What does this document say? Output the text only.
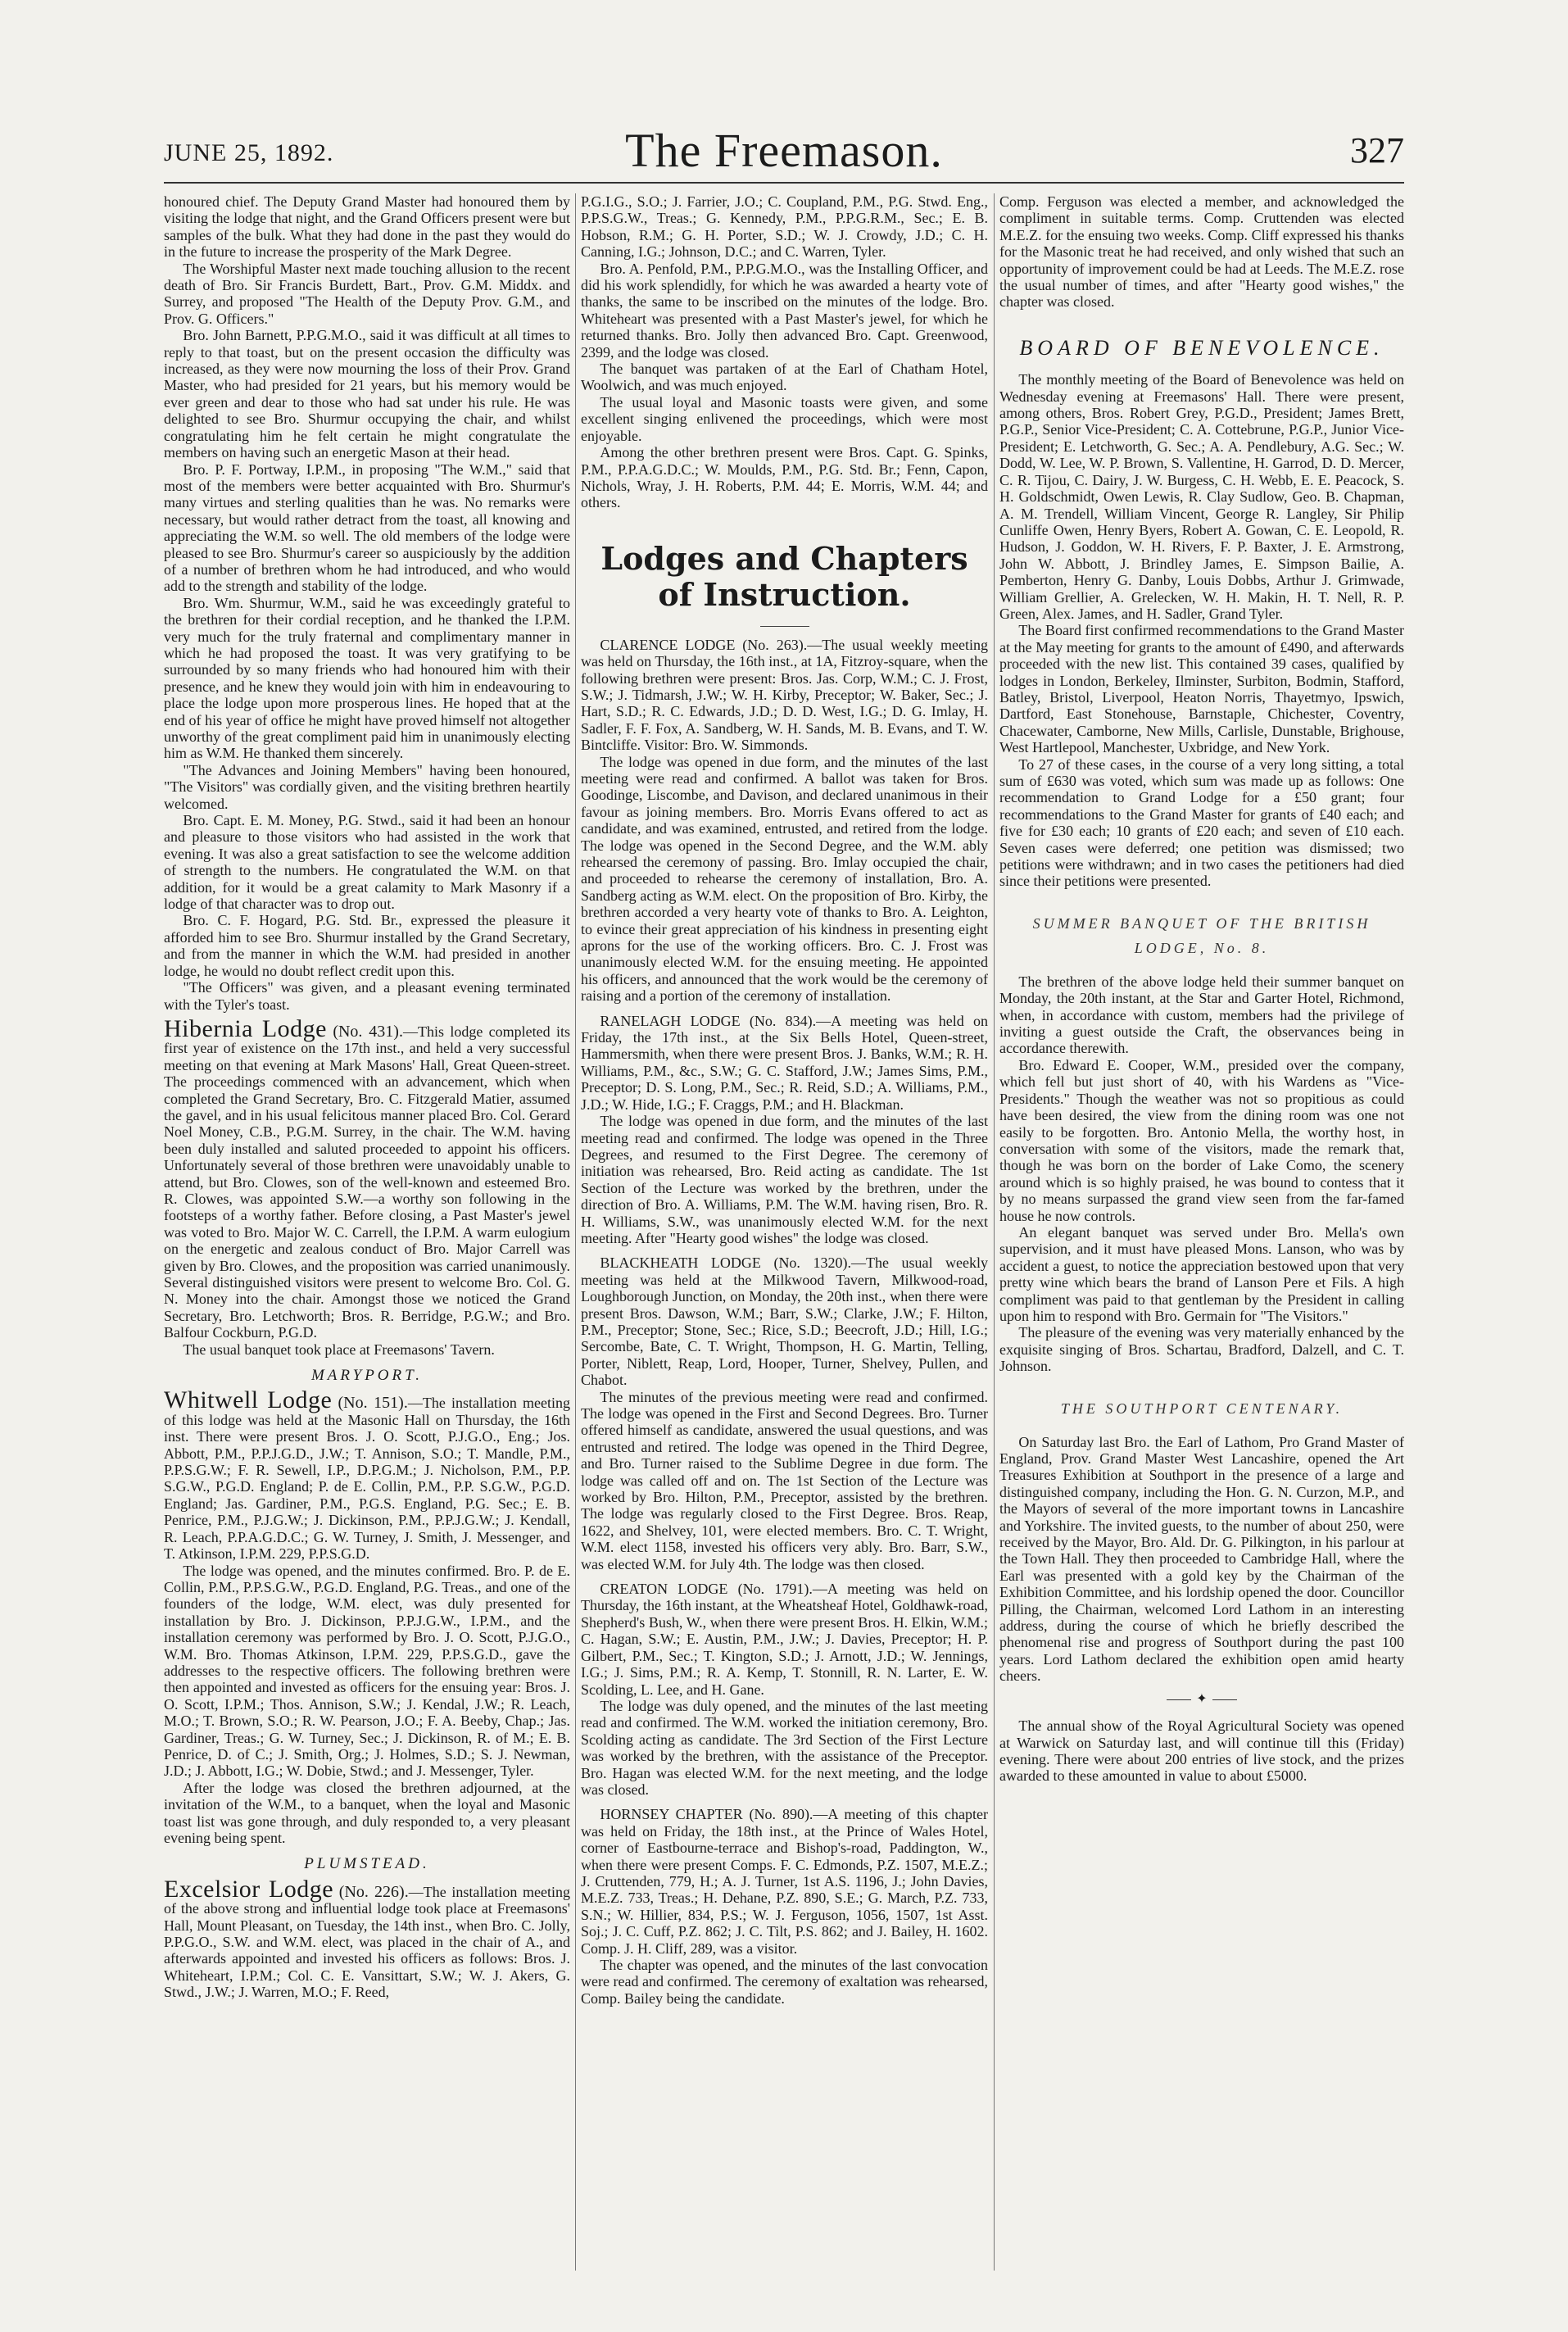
JUNE 25, 1892.	The Freemason.	327

honoured chief. The Deputy Grand Master had honoured them by visiting the lodge that night, and the Grand Officers present were but samples of the bulk. What they had done in the past they would do in the future to increase the prosperity of the Mark Degree.

The Worshipful Master next made touching allusion to the recent death of Bro. Sir Francis Burdett, Bart., Prov. G.M. Middx. and Surrey, and proposed "The Health of the Deputy Prov. G.M., and Prov. G. Officers."

Bro. John Barnett, P.P.G.M.O., said it was difficult at all times to reply to that toast, but on the present occasion the difficulty was increased, as they were now mourning the loss of their Prov. Grand Master, who had presided for 21 years, but his memory would be ever green and dear to those who had sat under his rule. He was delighted to see Bro. Shurmur occupying the chair, and whilst congratulating him he felt certain he might congratulate the members on having such an energetic Mason at their head.

Bro. P. F. Portway, I.P.M., in proposing "The W.M.," said that most of the members were better acquainted with Bro. Shurmur's many virtues and sterling qualities than he was. No remarks were necessary, but would rather detract from the toast, all knowing and appreciating the W.M. so well. The old members of the lodge were pleased to see Bro. Shurmur's career so auspiciously by the addition of a number of brethren whom he had introduced, and who would add to the strength and stability of the lodge.

Bro. Wm. Shurmur, W.M., said he was exceedingly grateful to the brethren for their cordial reception, and he thanked the I.P.M. very much for the truly fraternal and complimentary manner in which he had proposed the toast. It was very gratifying to be surrounded by so many friends who had honoured him with their presence, and he knew they would join with him in endeavouring to place the lodge upon more prosperous lines. He hoped that at the end of his year of office he might have proved himself not altogether unworthy of the great compliment paid him in unanimously electing him as W.M. He thanked them sincerely.

"The Advances and Joining Members" having been honoured, "The Visitors" was cordially given, and the visiting brethren heartily welcomed.

Bro. Capt. E. M. Money, P.G. Stwd., said it had been an honour and pleasure to those visitors who had assisted in the work that evening. It was also a great satisfaction to see the welcome addition of strength to the numbers. He congratulated the W.M. on that addition, for it would be a great calamity to Mark Masonry if a lodge of that character was to drop out.

Bro. C. F. Hogard, P.G. Std. Br., expressed the pleasure it afforded him to see Bro. Shurmur installed by the Grand Secretary, and from the manner in which the W.M. had presided in another lodge, he would no doubt reflect credit upon this.

"The Officers" was given, and a pleasant evening terminated with the Tyler's toast.

Hibernia Lodge (No. 431).—This lodge completed its first year of existence on the 17th inst., and held a very successful meeting on that evening at Mark Masons' Hall, Great Queen-street. The proceedings commenced with an advancement, which when completed the Grand Secretary, Bro. C. Fitzgerald Matier, assumed the gavel, and in his usual felicitous manner placed Bro. Col. Gerard Noel Money, C.B., P.G.M. Surrey, in the chair. The W.M. having been duly installed and saluted proceeded to appoint his officers. Unfortunately several of those brethren were unavoidably unable to attend, but Bro. Clowes, son of the well-known and esteemed Bro. R. Clowes, was appointed S.W.—a worthy son following in the footsteps of a worthy father. Before closing, a Past Master's jewel was voted to Bro. Major W. C. Carrell, the I.P.M. A warm eulogium on the energetic and zealous conduct of Bro. Major Carrell was given by Bro. Clowes, and the proposition was carried unanimously. Several distinguished visitors were present to welcome Bro. Col. G. N. Money into the chair. Amongst those we noticed the Grand Secretary, Bro. Letchworth; Bros. R. Berridge, P.G.W.; and Bro. Balfour Cockburn, P.G.D.

The usual banquet took place at Freemasons' Tavern.

MARYPORT.

Whitwell Lodge (No. 151).—The installation meeting of this lodge was held at the Masonic Hall on Thursday, the 16th inst. There were present Bros. J. O. Scott, P.J.G.O., Eng.; Jos. Abbott, P.M., P.P.J.G.D., J.W.; T. Annison, S.O.; T. Mandle, P.M., P.P.S.G.W.; F. R. Sewell, I.P., D.P.G.M.; J. Nicholson, P.M., P.P. S.G.W., P.G.D. England; P. de E. Collin, P.M., P.P. S.G.W., P.G.D. England; Jas. Gardiner, P.M., P.G.S. England, P.G. Sec.; E. B. Penrice, P.M., P.J.G.W.; J. Dickinson, P.M., P.P.J.G.W.; J. Kendall, R. Leach, P.P.A.G.D.C.; G. W. Turney, J. Smith, J. Messenger, and T. Atkinson, I.P.M. 229, P.P.S.G.D.

The lodge was opened, and the minutes confirmed. Bro. P. de E. Collin, P.M., P.P.S.G.W., P.G.D. England, P.G. Treas., and one of the founders of the lodge, W.M. elect, was duly presented for installation by Bro. J. Dickinson, P.P.J.G.W., I.P.M., and the installation ceremony was performed by Bro. J. O. Scott, P.J.G.O., W.M. Bro. Thomas Atkinson, I.P.M. 229, P.P.S.G.D., gave the addresses to the respective officers. The following brethren were then appointed and invested as officers for the ensuing year: Bros. J. O. Scott, I.P.M.; Thos. Annison, S.W.; J. Kendal, J.W.; R. Leach, M.O.; T. Brown, S.O.; R. W. Pearson, J.O.; F. A. Beeby, Chap.; Jas. Gardiner, Treas.; G. W. Turney, Sec.; J. Dickinson, R. of M.; E. B. Penrice, D. of C.; J. Smith, Org.; J. Holmes, S.D.; S. J. Newman, J.D.; J. Abbott, I.G.; W. Dobie, Stwd.; and J. Messenger, Tyler.

After the lodge was closed the brethren adjourned, at the invitation of the W.M., to a banquet, when the loyal and Masonic toast list was gone through, and duly responded to, a very pleasant evening being spent.

PLUMSTEAD.

Excelsior Lodge (No. 226).—The installation meeting of the above strong and influential lodge took place at Freemasons' Hall, Mount Pleasant, on Tuesday, the 14th inst., when Bro. C. Jolly, P.P.G.O., S.W. and W.M. elect, was placed in the chair of A., and afterwards appointed and invested his officers as follows: Bros. J. Whiteheart, I.P.M.; Col. C. E. Vansittart, S.W.; W. J. Akers, G. Stwd., J.W.; J. Warren, M.O.; F. Reed,

P.G.I.G., S.O.; J. Farrier, J.O.; C. Coupland, P.M., P.G. Stwd. Eng., P.P.S.G.W., Treas.; G. Kennedy, P.M., P.P.G.R.M., Sec.; E. B. Hobson, R.M.; G. H. Porter, S.D.; W. J. Crowdy, J.D.; C. H. Canning, I.G.; Johnson, D.C.; and C. Warren, Tyler.

Bro. A. Penfold, P.M., P.P.G.M.O., was the Installing Officer, and did his work splendidly, for which he was awarded a hearty vote of thanks, the same to be inscribed on the minutes of the lodge. Bro. Whiteheart was presented with a Past Master's jewel, for which he returned thanks. Bro. Jolly then advanced Bro. Capt. Greenwood, 2399, and the lodge was closed.

The banquet was partaken of at the Earl of Chatham Hotel, Woolwich, and was much enjoyed.

The usual loyal and Masonic toasts were given, and some excellent singing enlivened the proceedings, which were most enjoyable.

Among the other brethren present were Bros. Capt. G. Spinks, P.M., P.P.A.G.D.C.; W. Moulds, P.M., P.G. Std. Br.; Fenn, Capon, Nichols, Wray, J. H. Roberts, P.M. 44; E. Morris, W.M. 44; and others.

Lodges and Chapters of Instruction.

CLARENCE LODGE (No. 263).—The usual weekly meeting was held on Thursday, the 16th inst., at 1A, Fitzroy-square, when the following brethren were present: Bros. Jas. Corp, W.M.; C. J. Frost, S.W.; J. Tidmarsh, J.W.; W. H. Kirby, Preceptor; W. Baker, Sec.; J. Hart, S.D.; R. C. Edwards, J.D.; D. D. West, I.G.; D. G. Imlay, H. Sadler, F. F. Fox, A. Sandberg, W. H. Sands, M. B. Evans, and T. W. Bintcliffe. Visitor: Bro. W. Simmonds.

The lodge was opened in due form, and the minutes of the last meeting were read and confirmed. A ballot was taken for Bros. Goodinge, Liscombe, and Davison, and declared unanimous in their favour as joining members. Bro. Morris Evans offered to act as candidate, and was examined, entrusted, and retired from the lodge. The lodge was opened in the Second Degree, and the W.M. ably rehearsed the ceremony of passing. Bro. Imlay occupied the chair, and proceeded to rehearse the ceremony of installation, Bro. A. Sandberg acting as W.M. elect. On the proposition of Bro. Kirby, the brethren accorded a very hearty vote of thanks to Bro. A. Leighton, to evince their great appreciation of his kindness in presenting eight aprons for the use of the working officers. Bro. C. J. Frost was unanimously elected W.M. for the ensuing meeting. He appointed his officers, and announced that the work would be the ceremony of raising and a portion of the ceremony of installation.

RANELAGH LODGE (No. 834).—A meeting was held on Friday, the 17th inst., at the Six Bells Hotel, Queen-street, Hammersmith, when there were present Bros. J. Banks, W.M.; R. H. Williams, P.M., &c., S.W.; G. C. Stafford, J.W.; James Sims, P.M., Preceptor; D. S. Long, P.M., Sec.; R. Reid, S.D.; A. Williams, P.M., J.D.; W. Hide, I.G.; F. Craggs, P.M.; and H. Blackman.

The lodge was opened in due form, and the minutes of the last meeting read and confirmed. The lodge was opened in the Three Degrees, and resumed to the First Degree. The ceremony of initiation was rehearsed, Bro. Reid acting as candidate. The 1st Section of the Lecture was worked by the brethren, under the direction of Bro. A. Williams, P.M. The W.M. having risen, Bro. R. H. Williams, S.W., was unanimously elected W.M. for the next meeting. After "Hearty good wishes" the lodge was closed.

BLACKHEATH LODGE (No. 1320).—The usual weekly meeting was held at the Milkwood Tavern, Milkwood-road, Loughborough Junction, on Monday, the 20th inst., when there were present Bros. Dawson, W.M.; Barr, S.W.; Clarke, J.W.; F. Hilton, P.M., Preceptor; Stone, Sec.; Rice, S.D.; Beecroft, J.D.; Hill, I.G.; Sercombe, Bate, C. T. Wright, Thompson, H. G. Martin, Telling, Porter, Niblett, Reap, Lord, Hooper, Turner, Shelvey, Pullen, and Chabot.

The minutes of the previous meeting were read and confirmed. The lodge was opened in the First and Second Degrees. Bro. Turner offered himself as candidate, answered the usual questions, and was entrusted and retired. The lodge was opened in the Third Degree, and Bro. Turner raised to the Sublime Degree in due form. The lodge was called off and on. The 1st Section of the Lecture was worked by Bro. Hilton, P.M., Preceptor, assisted by the brethren. The lodge was regularly closed to the First Degree. Bros. Reap, 1622, and Shelvey, 101, were elected members. Bro. C. T. Wright, W.M. elect 1158, invested his officers very ably. Bro. Barr, S.W., was elected W.M. for July 4th. The lodge was then closed.

CREATON LODGE (No. 1791).—A meeting was held on Thursday, the 16th instant, at the Wheatsheaf Hotel, Goldhawk-road, Shepherd's Bush, W., when there were present Bros. H. Elkin, W.M.; C. Hagan, S.W.; E. Austin, P.M., J.W.; J. Davies, Preceptor; H. P. Gilbert, P.M., Sec.; T. Kington, S.D.; J. Arnott, J.D.; W. Jennings, I.G.; J. Sims, P.M.; R. A. Kemp, T. Stonnill, R. N. Larter, E. W. Scolding, L. Lee, and H. Gane.

The lodge was duly opened, and the minutes of the last meeting read and confirmed. The W.M. worked the initiation ceremony, Bro. Scolding acting as candidate. The 3rd Section of the First Lecture was worked by the brethren, with the assistance of the Preceptor. Bro. Hagan was elected W.M. for the next meeting, and the lodge was closed.

HORNSEY CHAPTER (No. 890).—A meeting of this chapter was held on Friday, the 18th inst., at the Prince of Wales Hotel, corner of Eastbourne-terrace and Bishop's-road, Paddington, W., when there were present Comps. F. C. Edmonds, P.Z. 1507, M.E.Z.; J. Cruttenden, 779, H.; A. J. Turner, 1st A.S. 1196, J.; John Davies, M.E.Z. 733, Treas.; H. Dehane, P.Z. 890, S.E.; G. March, P.Z. 733, S.N.; W. Hillier, 834, P.S.; W. J. Ferguson, 1056, 1507, 1st Asst. Soj.; J. C. Cuff, P.Z. 862; J. C. Tilt, P.S. 862; and J. Bailey, H. 1602. Comp. J. H. Cliff, 289, was a visitor.

The chapter was opened, and the minutes of the last convocation were read and confirmed. The ceremony of exaltation was rehearsed, Comp. Bailey being the candidate.

Comp. Ferguson was elected a member, and acknowledged the compliment in suitable terms. Comp. Cruttenden was elected M.E.Z. for the ensuing two weeks. Comp. Cliff expressed his thanks for the Masonic treat he had received, and only wished that such an opportunity of improvement could be had at Leeds. The M.E.Z. rose the usual number of times, and after "Hearty good wishes," the chapter was closed.

BOARD OF BENEVOLENCE.

The monthly meeting of the Board of Benevolence was held on Wednesday evening at Freemasons' Hall. There were present, among others, Bros. Robert Grey, P.G.D., President; James Brett, P.G.P., Senior Vice-President; C. A. Cottebrune, P.G.P., Junior Vice-President; E. Letchworth, G. Sec.; A. A. Pendlebury, A.G. Sec.; W. Dodd, W. Lee, W. P. Brown, S. Vallentine, H. Garrod, D. D. Mercer, C. R. Tijou, C. Dairy, J. W. Burgess, C. H. Webb, E. E. Peacock, S. H. Goldschmidt, Owen Lewis, R. Clay Sudlow, Geo. B. Chapman, A. M. Trendell, William Vincent, George R. Langley, Sir Philip Cunliffe Owen, Henry Byers, Robert A. Gowan, C. E. Leopold, R. Hudson, J. Goddon, W. H. Rivers, F. P. Baxter, J. E. Armstrong, John W. Abbott, J. Brindley James, E. Simpson Bailie, A. Pemberton, Henry G. Danby, Louis Dobbs, Arthur J. Grimwade, William Grellier, A. Grelecken, W. H. Makin, H. T. Nell, R. P. Green, Alex. James, and H. Sadler, Grand Tyler.

The Board first confirmed recommendations to the Grand Master at the May meeting for grants to the amount of £490, and afterwards proceeded with the new list. This contained 39 cases, qualified by lodges in London, Berkeley, Ilminster, Surbiton, Bodmin, Stafford, Batley, Bristol, Liverpool, Heaton Norris, Thayetmyo, Ipswich, Dartford, East Stonehouse, Barnstaple, Chichester, Coventry, Chacewater, Camborne, New Mills, Carlisle, Dunstable, Brighouse, West Hartlepool, Manchester, Uxbridge, and New York.

To 27 of these cases, in the course of a very long sitting, a total sum of £630 was voted, which sum was made up as follows: One recommendation to Grand Lodge for a £50 grant; four recommendations to the Grand Master for grants of £40 each; and five for £30 each; 10 grants of £20 each; and seven of £10 each. Seven cases were deferred; one petition was dismissed; two petitions were withdrawn; and in two cases the petitioners had died since their petitions were presented.

SUMMER BANQUET OF THE BRITISH LODGE, No. 8.

The brethren of the above lodge held their summer banquet on Monday, the 20th instant, at the Star and Garter Hotel, Richmond, when, in accordance with custom, members had the privilege of inviting a guest outside the Craft, the observances being in accordance therewith.

Bro. Edward E. Cooper, W.M., presided over the company, which fell but just short of 40, with his Wardens as "Vice-Presidents." Though the weather was not so propitious as could have been desired, the view from the dining room was one not easily to be forgotten. Bro. Antonio Mella, the worthy host, in conversation with some of the visitors, made the remark that, though he was born on the border of Lake Como, the scenery around which is so highly praised, he was bound to contess that it by no means surpassed the grand view seen from the far-famed house he now controls.

An elegant banquet was served under Bro. Mella's own supervision, and it must have pleased Mons. Lanson, who was by accident a guest, to notice the appreciation bestowed upon that very pretty wine which bears the brand of Lanson Pere et Fils. A high compliment was paid to that gentleman by the President in calling upon him to respond with Bro. Germain for "The Visitors."

The pleasure of the evening was very materially enhanced by the exquisite singing of Bros. Schartau, Bradford, Dalzell, and C. T. Johnson.

THE SOUTHPORT CENTENARY.

On Saturday last Bro. the Earl of Lathom, Pro Grand Master of England, Prov. Grand Master West Lancashire, opened the Art Treasures Exhibition at Southport in the presence of a large and distinguished company, including the Hon. G. N. Curzon, M.P., and the Mayors of several of the more important towns in Lancashire and Yorkshire. The invited guests, to the number of about 250, were received by the Mayor, Bro. Ald. Dr. G. Pilkington, in his parlour at the Town Hall. They then proceeded to Cambridge Hall, where the Earl was presented with a gold key by the Chairman of the Exhibition Committee, and his lordship opened the door. Councillor Pilling, the Chairman, welcomed Lord Lathom in an interesting address, during the course of which he briefly described the phenomenal rise and progress of Southport during the past 100 years. Lord Lathom declared the exhibition open amid hearty cheers.

✦

The annual show of the Royal Agricultural Society was opened at Warwick on Saturday last, and will continue till this (Friday) evening. There were about 200 entries of live stock, and the prizes awarded to these amounted in value to about £5000.
